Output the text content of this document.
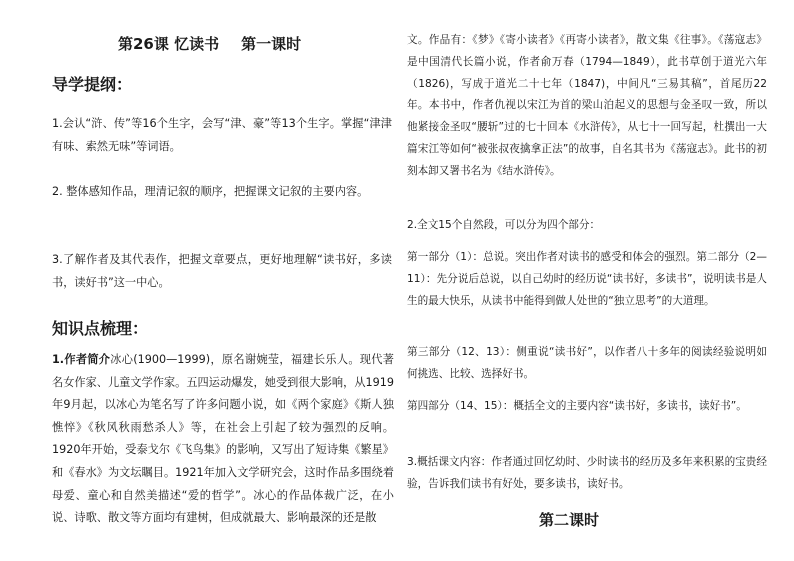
第26课 忆读书 第一课时
导学提纲：
1.会认“浒、传”等16个生字，会写“津、豪”等13个生字。掌握“津津有味、索然无味”等词语。
2. 整体感知作品，理清记叙的顺序，把握课文记叙的主要内容。
3.了解作者及其代表作，把握文章要点，更好地理解“读书好，多读书，读好书”这一中心。
知识点梳理：
1.作者简介冰心(1900—1999)，原名谢婉莹，福建长乐人。现代著名女作家、儿童文学作家。五四运动爆发，她受到很大影响，从1919年9月起，以冰心为笔名写了许多问题小说，如《两个家庭》《斯人独憔悴》《秋风秋雨愁杀人》等，在社会上引起了较为强烈的反响。1920年开始，受泰戈尔《飞鸟集》的影响，又写出了短诗集《繁星》和《春水》为文坛瞩目。1921年加入文学研究会，这时作品多围绕着母爱、童心和自然美描述“爱的哲学”。冰心的作品体裁广泛，在小说、诗歌、散文等方面均有建树，但成就最大、影响最深的还是散
文。作品有：《梦》《寄小读者》《再寄小读者》，散文集《往事》。《荡寇志》是中国清代长篇小说，作者俞万春（1794—1849），此书草创于道光六年（1826)，写成于道光二十七年（1847)，中间凡“三易其稿”，首尾历22年。本书中，作者仇视以宋江为首的梁山泊起义的思想与金圣叹一致，所以他紧接金圣叹“腰斩”过的七十回本《水浒传》，从七十一回写起，杜撰出一大篇宋江等如何“被张叔夜擒拿正法”的故事，自名其书为《荡寇志》。此书的初刻本卸又署书名为《结水浒传》。
2.全文15个自然段，可以分为四个部分：
第一部分（1）：总说。突出作者对读书的感受和体会的强烈。第二部分（2—11）：先分说后总说，以自己幼时的经历说“读书好，多读书”，说明读书是人生的最大快乐，从读书中能得到做人处世的“独立思考”的大道理。
第三部分（12、13）：侧重说“读书好”，以作者八十多年的阅读经验说明如何挑选、比较、选择好书。
第四部分（14、15）：概括全文的主要内容“读书好，多读书，读好书”。
3.概括课文内容：作者通过回忆幼时、少时读书的经历及多年来积累的宝贵经验，告诉我们读书有好处，要多读书，读好书。
第二课时
